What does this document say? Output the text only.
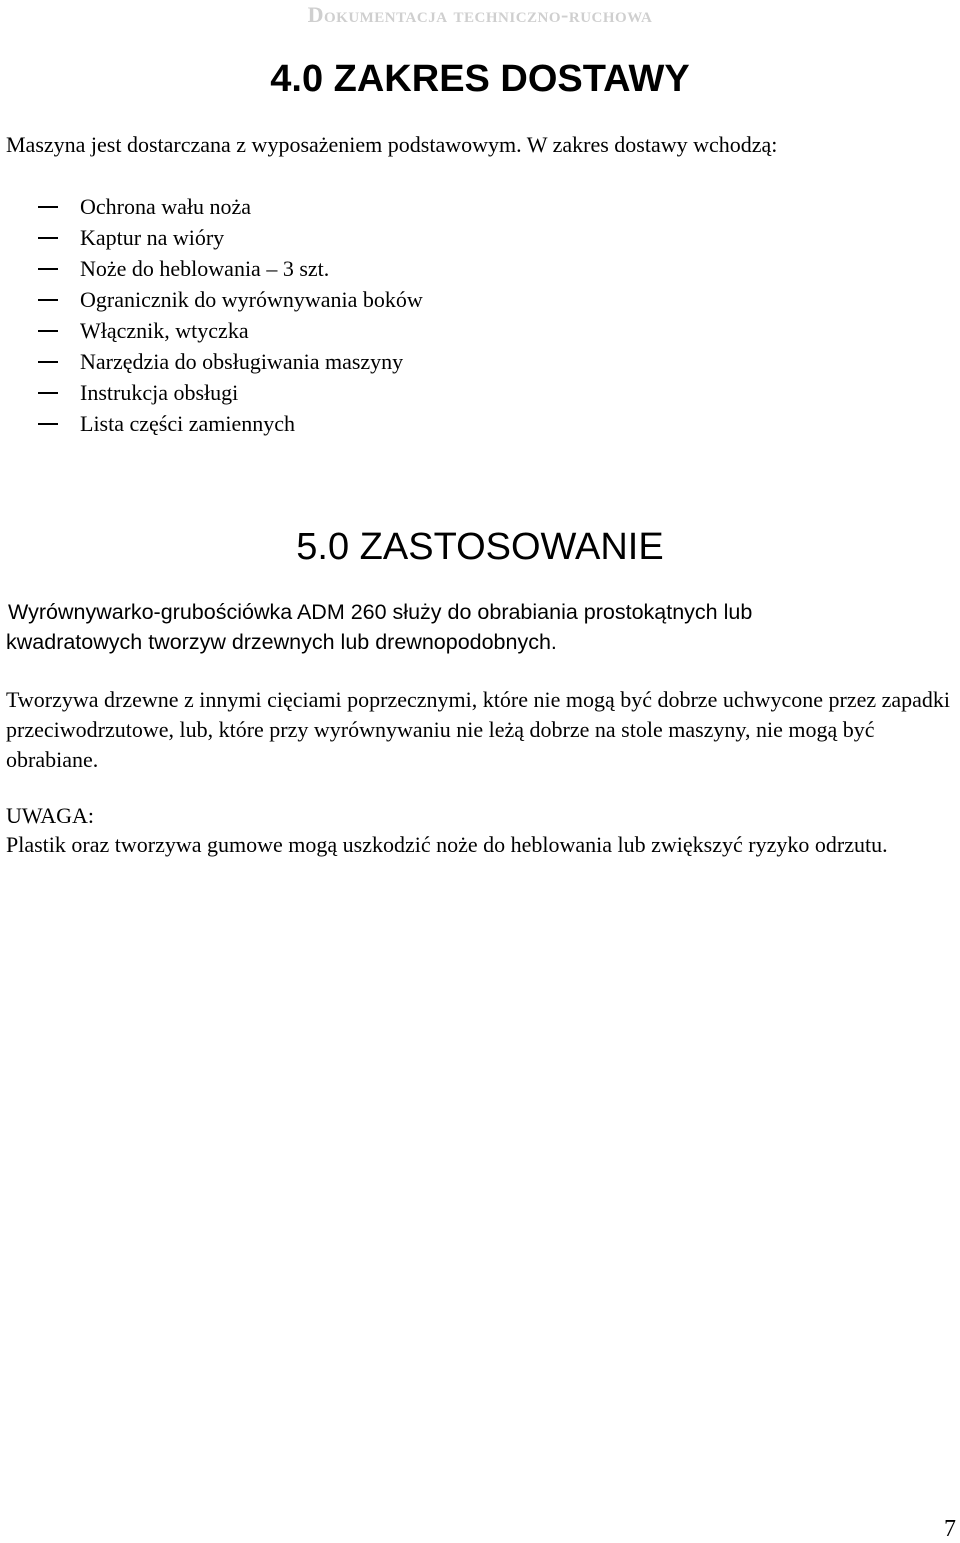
Dokumentacja techniczno-ruchowa
4.0 ZAKRES DOSTAWY
Maszyna jest dostarczana z wyposażeniem podstawowym. W zakres dostawy wchodzą:
Ochrona wału noża
Kaptur na wióry
Noże do heblowania – 3 szt.
Ogranicznik do wyrównywania boków
Włącznik, wtyczka
Narzędzia do obsługiwania maszyny
Instrukcja obsługi
Lista części zamiennych
5.0 ZASTOSOWANIE
Wyrównywarko-grubościówka ADM 260 służy do obrabiania prostokątnych lub
kwadratowych tworzyw drzewnych lub drewnopodobnych.
Tworzywa drzewne z innymi cięciami poprzecznymi, które nie mogą być dobrze uchwycone przez zapadki przeciwodrzutowe, lub, które przy wyrównywaniu nie leżą dobrze na stole maszyny, nie mogą być obrabiane.
UWAGA:
Plastik oraz tworzywa gumowe mogą uszkodzić noże do heblowania lub zwiększyć ryzyko odrzutu.
7
